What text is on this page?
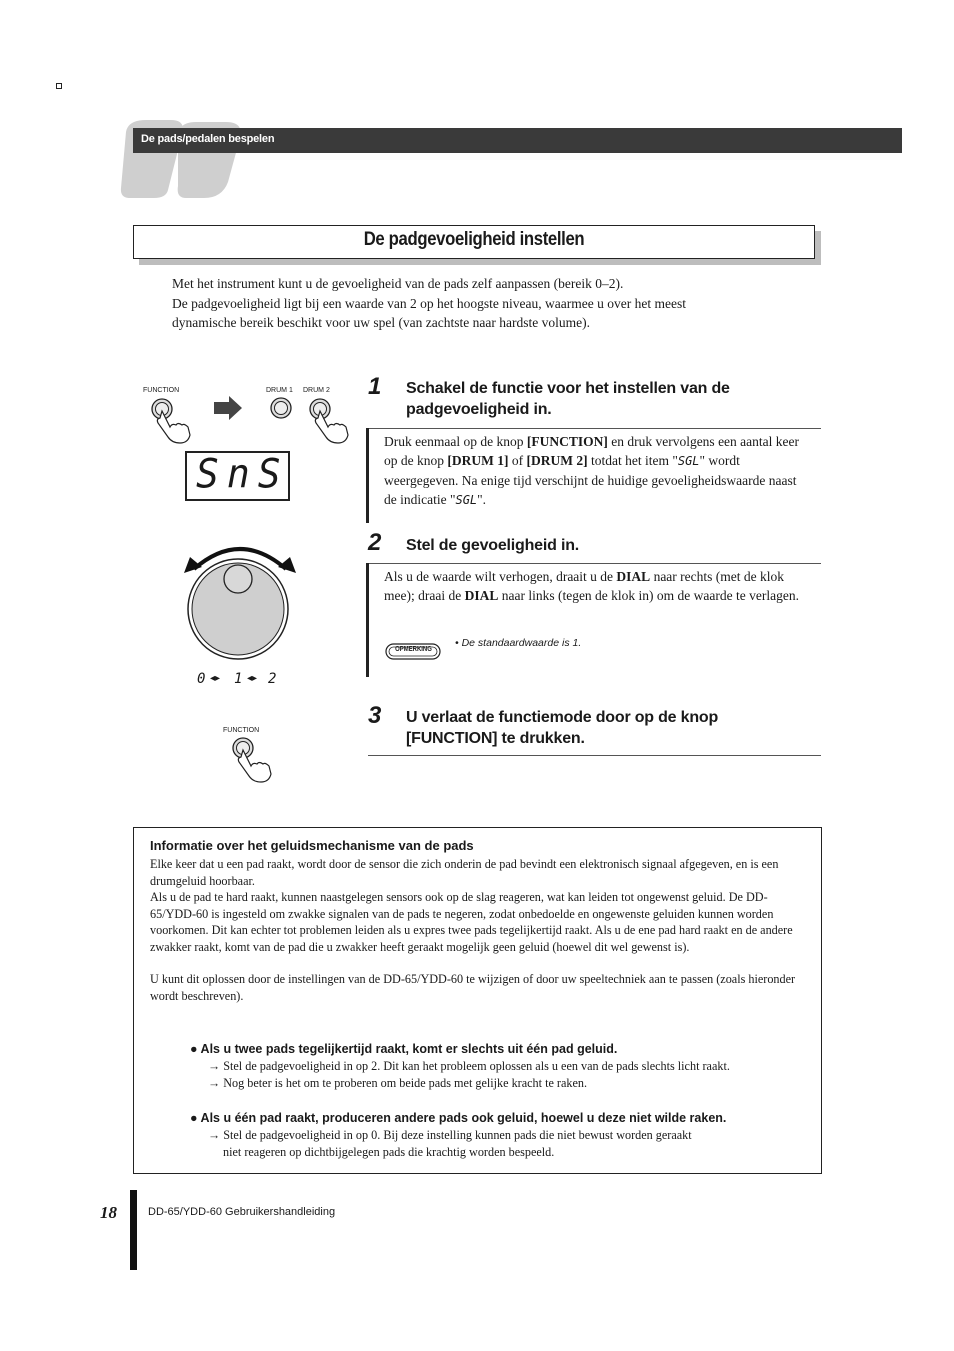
De pads/pedalen bespelen
De padgevoeligheid instellen
Met het instrument kunt u de gevoeligheid van de pads zelf aanpassen (bereik 0–2).
De padgevoeligheid ligt bij een waarde van 2 op het hoogste niveau, waarmee u over het meest
dynamische bereik beschikt voor uw spel (van zachtste naar hardste volume).
FUNCTION	DRUM 1 DRUM 2
SnS
0 ◂▸ 1 ◂▸ 2
FUNCTION
1 Schakel de functie voor het instellen van de
padgevoeligheid in.
Druk eenmaal op de knop [FUNCTION] en druk vervolgens een aantal keer op de knop [DRUM 1] of [DRUM 2] totdat het item "SGL" wordt weergegeven. Na enige tijd verschijnt de huidige gevoeligheidswaarde naast de indicatie "SGL".
2 Stel de gevoeligheid in.
Als u de waarde wilt verhogen, draait u de DIAL naar rechts (met de klok mee); draai de DIAL naar links (tegen de klok in) om de waarde te verlagen.
OPMERKING
• De standaardwaarde is 1.
3 U verlaat de functiemode door op de knop
[FUNCTION] te drukken.
Informatie over het geluidsmechanisme van de pads
Elke keer dat u een pad raakt, wordt door de sensor die zich onderin de pad bevindt een elektronisch signaal afgegeven, en is een drumgeluid hoorbaar.
Als u de pad te hard raakt, kunnen naastgelegen sensors ook op de slag reageren, wat kan leiden tot ongewenst geluid. De DD-65/YDD-60 is ingesteld om zwakke signalen van de pads te negeren, zodat onbedoelde en ongewenste geluiden kunnen worden voorkomen. Dit kan echter tot problemen leiden als u expres twee pads tegelijkertijd raakt. Als u de ene pad hard raakt en de andere zwakker raakt, komt van de pad die u zwakker heeft geraakt mogelijk geen geluid (hoewel dit wel gewenst is).
U kunt dit oplossen door de instellingen van de DD-65/YDD-60 te wijzigen of door uw speeltechniek aan te passen (zoals hieronder wordt beschreven).
● Als u twee pads tegelijkertijd raakt, komt er slechts uit één pad geluid.
→ Stel de padgevoeligheid in op 2. Dit kan het probleem oplossen als u een van de pads slechts licht raakt.
→ Nog beter is het om te proberen om beide pads met gelijke kracht te raken.
● Als u één pad raakt, produceren andere pads ook geluid, hoewel u deze niet wilde raken.
→ Stel de padgevoeligheid in op 0. Bij deze instelling kunnen pads die niet bewust worden geraakt
niet reageren op dichtbijgelegen pads die krachtig worden bespeeld.
18	DD-65/YDD-60 Gebruikershandleiding
